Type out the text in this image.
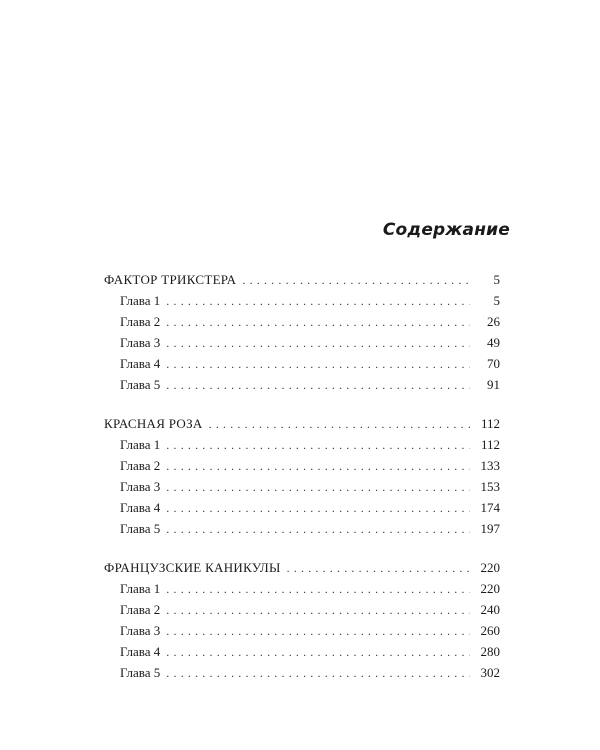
Содержание
ФАКТОР ТРИКСТЕРА . . .	5
Глава 1 . . .	5
Глава 2 . . .	26
Глава 3 . . .	49
Глава 4 . . .	70
Глава 5 . . .	91
КРАСНАЯ РОЗА . . .	112
Глава 1 . . .	112
Глава 2 . . .	133
Глава 3 . . .	153
Глава 4 . . .	174
Глава 5 . . .	197
ФРАНЦУЗСКИЕ КАНИКУЛЫ . . .	220
Глава 1 . . .	220
Глава 2 . . .	240
Глава 3 . . .	260
Глава 4 . . .	280
Глава 5 . . .	302
